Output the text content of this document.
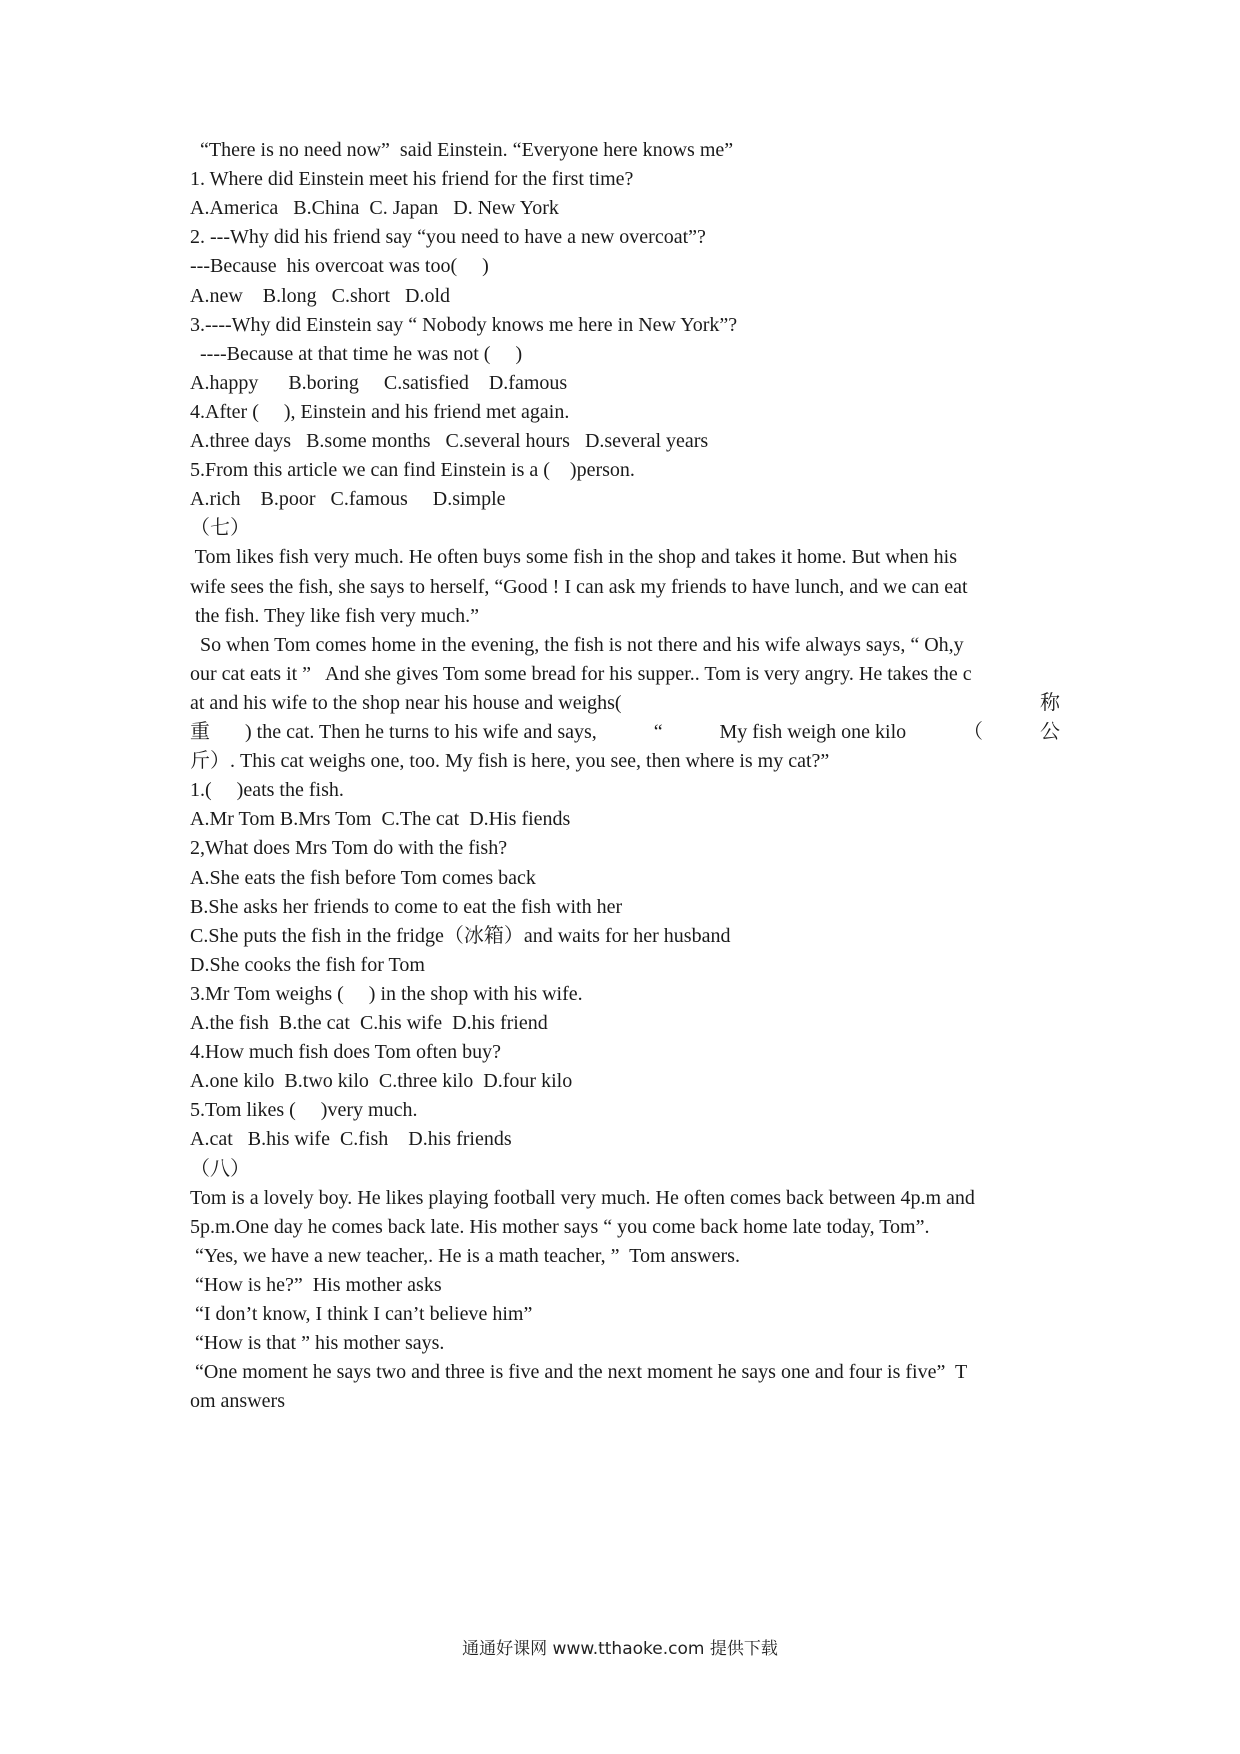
“There is no need now”  said Einstein. “Everyone here knows me”
1. Where did Einstein meet his friend for the first time?
A.America   B.China  C. Japan   D. New York
2. ---Why did his friend say “you need to have a new overcoat”?
---Because  his overcoat was too(     )
A.new    B.long   C.short   D.old
3.----Why did Einstein say “ Nobody knows me here in New York”?
----Because at that time he was not (     )
A.happy      B.boring     C.satisfied    D.famous
4.After (     ), Einstein and his friend met again.
A.three days   B.some months   C.several hours   D.several years
5.From this article we can find Einstein is a (    )person.
A.rich    B.poor   C.famous     D.simple
（七）
Tom likes fish very much. He often buys some fish in the shop and takes it home. But when his
wife sees the fish, she says to herself, “Good ! I can ask my friends to have lunch, and we can eat
the fish. They like fish very much.”
So when Tom comes home in the evening, the fish is not there and his wife always says, “ Oh,y
our cat eats it ”   And she gives Tom some bread for his supper.. Tom is very angry. He takes the c
at and his wife to the shop near his house and weighs(	称
重       ) the cat. Then he turns to his wife and says,	“	My fish weigh one kilo	（	公
斤）. This cat weighs one, too. My fish is here, you see, then where is my cat?”
1.(     )eats the fish.
A.Mr Tom B.Mrs Tom  C.The cat  D.His fiends
2,What does Mrs Tom do with the fish?
A.She eats the fish before Tom comes back
B.She asks her friends to come to eat the fish with her
C.She puts the fish in the fridge（冰箱）and waits for her husband
D.She cooks the fish for Tom
3.Mr Tom weighs (     ) in the shop with his wife.
A.the fish  B.the cat  C.his wife  D.his friend
4.How much fish does Tom often buy?
A.one kilo  B.two kilo  C.three kilo  D.four kilo
5.Tom likes (     )very much.
A.cat   B.his wife  C.fish    D.his friends
（八）
Tom is a lovely boy. He likes playing football very much. He often comes back between 4p.m and
5p.m.One day he comes back late. His mother says “ you come back home late today, Tom”.
“Yes, we have a new teacher,. He is a math teacher, ”  Tom answers.
“How is he?”  His mother asks
“I don’t know, I think I can’t believe him”
“How is that ” his mother says.
“One moment he says two and three is five and the next moment he says one and four is five”  T
om answers
通通好课网 www.tthaoke.com 提供下载
